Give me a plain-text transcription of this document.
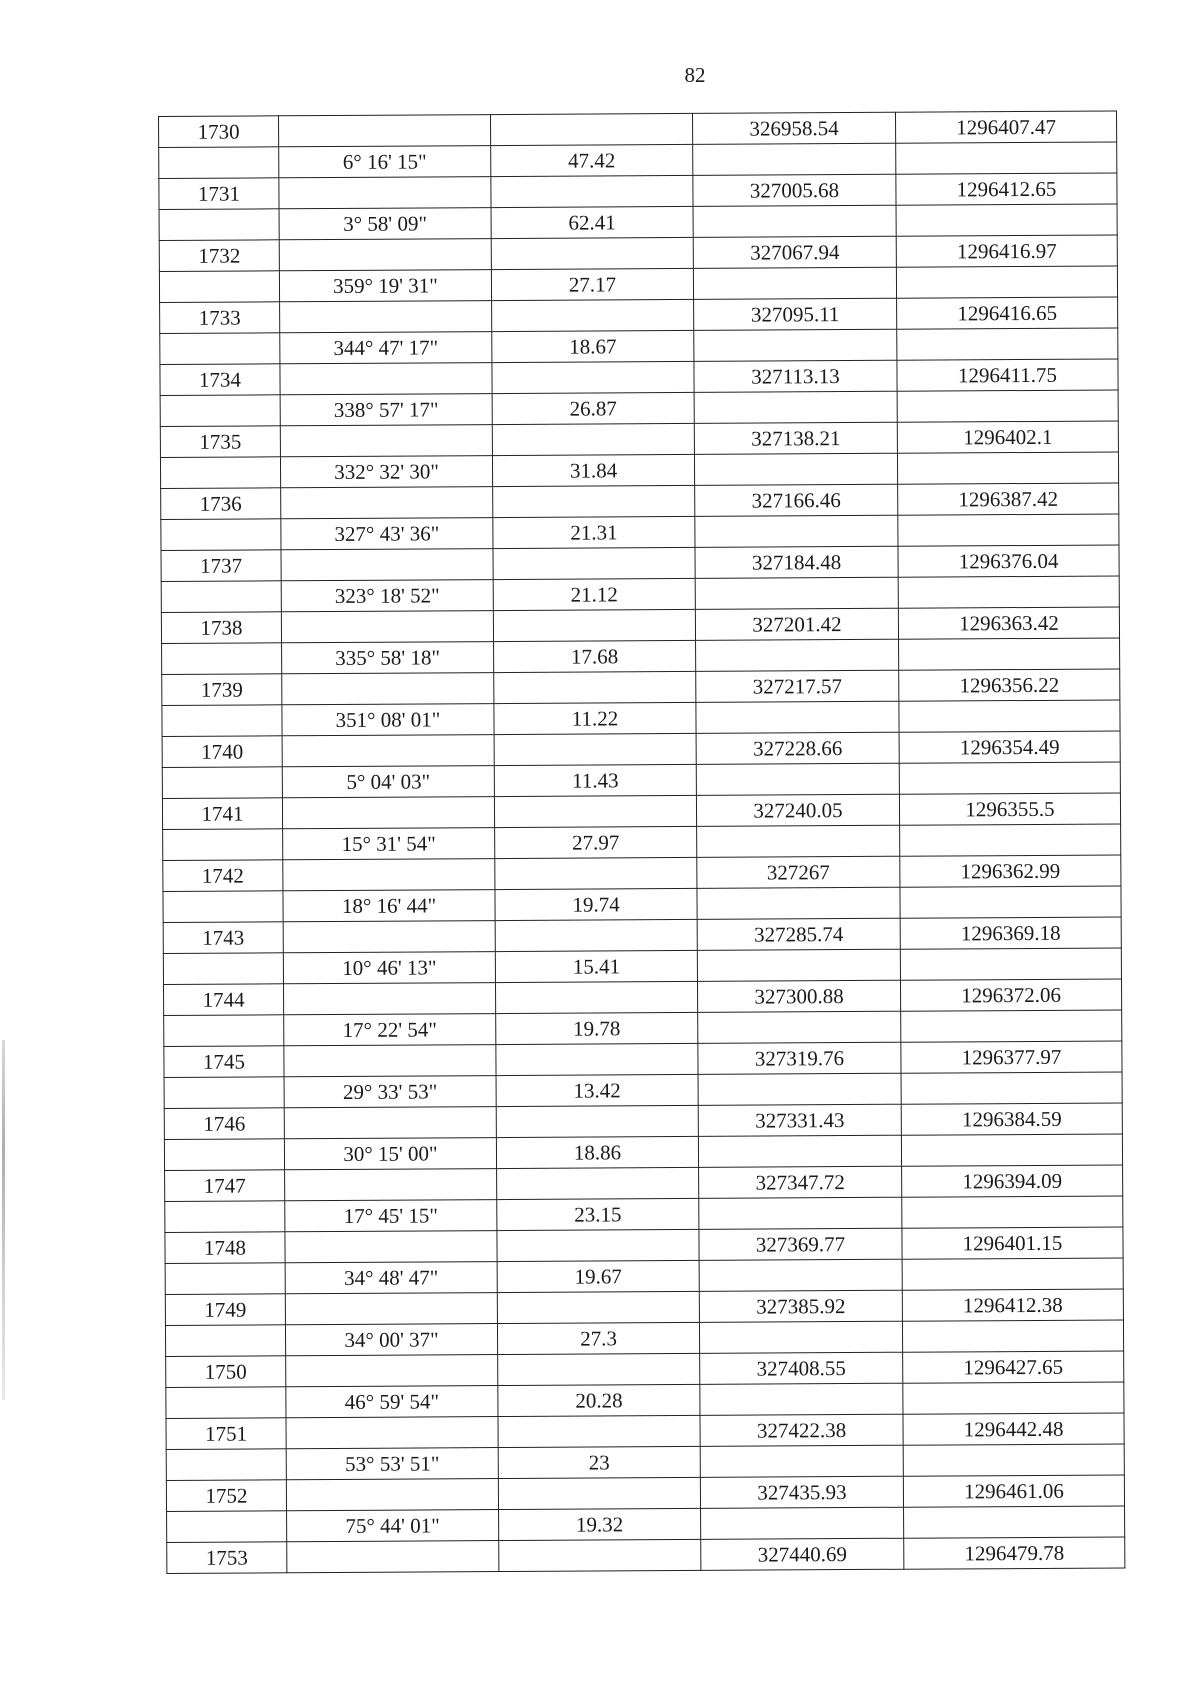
82
1730			326958.54	1296407.47
	6° 16' 15"	47.42		
1731			327005.68	1296412.65
	3° 58' 09"	62.41		
1732			327067.94	1296416.97
	359° 19' 31"	27.17		
1733			327095.11	1296416.65
	344° 47' 17"	18.67		
1734			327113.13	1296411.75
	338° 57' 17"	26.87		
1735			327138.21	1296402.1
	332° 32' 30"	31.84		
1736			327166.46	1296387.42
	327° 43' 36"	21.31		
1737			327184.48	1296376.04
	323° 18' 52"	21.12		
1738			327201.42	1296363.42
	335° 58' 18"	17.68		
1739			327217.57	1296356.22
	351° 08' 01"	11.22		
1740			327228.66	1296354.49
	5° 04' 03"	11.43		
1741			327240.05	1296355.5
	15° 31' 54"	27.97		
1742			327267	1296362.99
	18° 16' 44"	19.74		
1743			327285.74	1296369.18
	10° 46' 13"	15.41		
1744			327300.88	1296372.06
	17° 22' 54"	19.78		
1745			327319.76	1296377.97
	29° 33' 53"	13.42		
1746			327331.43	1296384.59
	30° 15' 00"	18.86		
1747			327347.72	1296394.09
	17° 45' 15"	23.15		
1748			327369.77	1296401.15
	34° 48' 47"	19.67		
1749			327385.92	1296412.38
	34° 00' 37"	27.3		
1750			327408.55	1296427.65
	46° 59' 54"	20.28		
1751			327422.38	1296442.48
	53° 53' 51"	23		
1752			327435.93	1296461.06
	75° 44' 01"	19.32		
1753			327440.69	1296479.78
